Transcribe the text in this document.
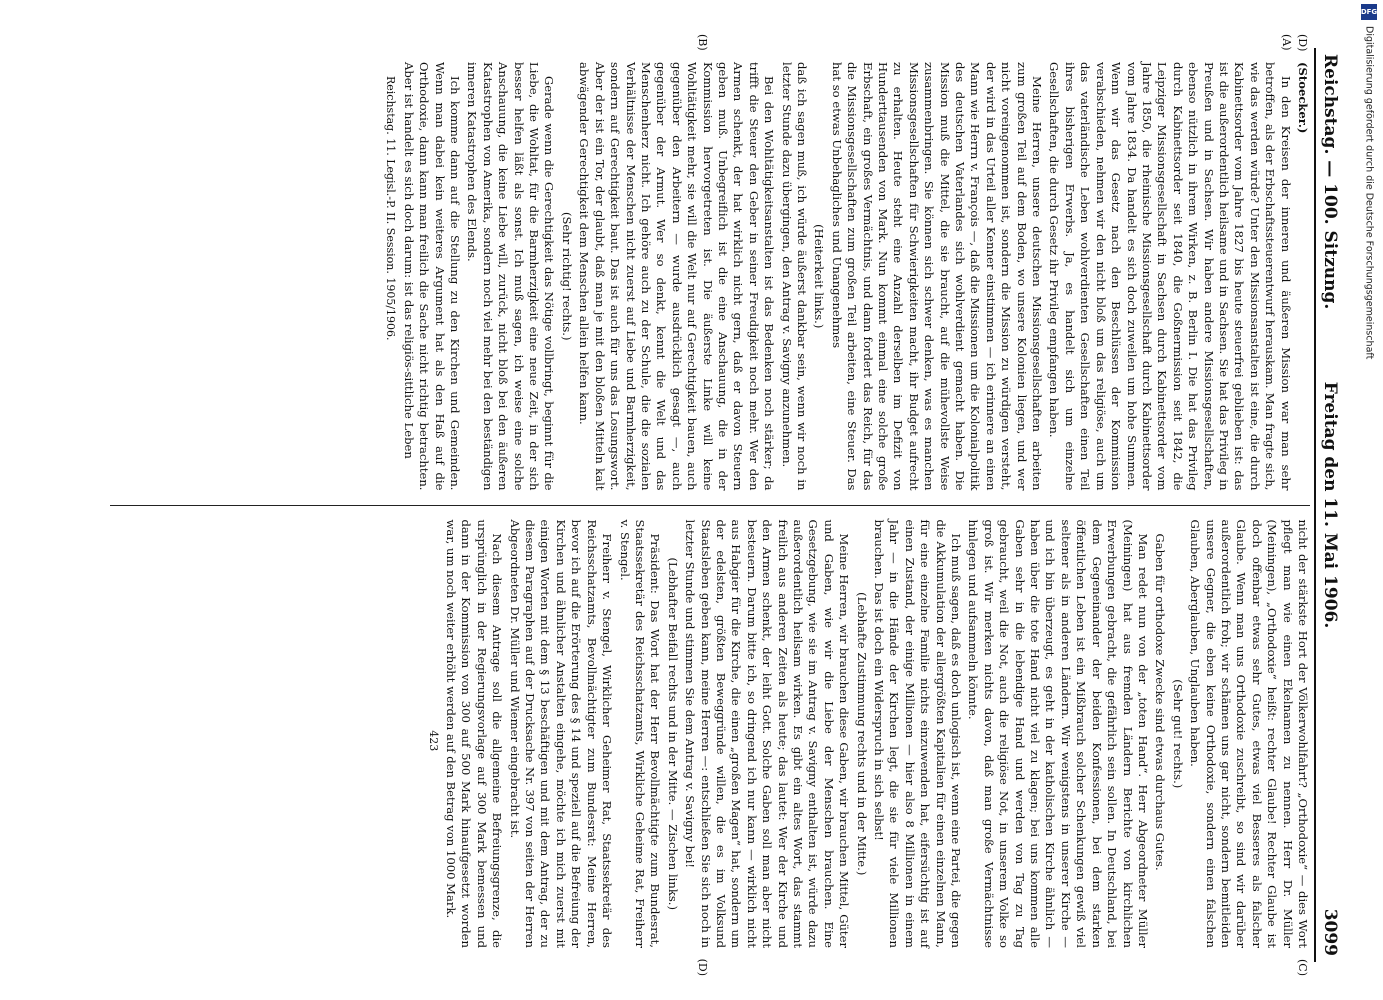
Reichstag. — 100. Sitzung.
Freitag den 11. Mai 1906.
3099
(D)
(A)
(B)

(Stoecker.)

In den Kreisen der inneren und äußeren Mission war man sehr betroffen, als der Erbschaftssteuerentwurf herauskam. Man fragte sich, wie das werden würde? Unter den Missionsanstalten ist eine, die durch Kabinettsorder vom Jahre 1827 bis heute steuerfrei geblieben ist: das ist die außerordentlich heilsame und in Sachsen. Sie hat das Privileg in Preußen und in Sachsen. Wir haben andere Missionsgesellschaften, ebenso nützlich in ihrem Wirken, z. B. Berlin I. Die hat das Privileg durch Kabinettsorder seit 1840, die Goßnermission seit 1842, die Leipziger Missionsgesellschaft in Sachsen durch Kabinettsorder vom Jahre 1850, die rheinische Missionsgesellschaft durch Kabinettsorder vom Jahre 1834. Da handelt es sich doch zuweilen um hohe Summen. Wenn wir das Gesetz nach den Beschlüssen der Kommission verabschieden, nehmen wir den nicht bloß um das religiöse, auch um das vaterländische Leben wohlverdienten Gesellschaften einen Teil ihres bisherigen Erwerbs. Ja, es handelt sich um einzelne Gesellschaften, die durch Gesetz ihr Privileg empfangen haben.

Meine Herren, unsere deutschen Missionsgesellschaften arbeiten zum großen Teil auf dem Boden, wo unsere Kolonien liegen, und wer nicht voreingenommen ist, sondern die Mission zu würdigen versteht, der wird in das Urteil aller Kenner einstimmen — ich erinnere an einen Mann wie Herrn v. François —, daß die Missionen um die Kolonialpolitik des deutschen Vaterlandes sich wohlverdient gemacht haben. Die Mission muß die Mittel, die sie braucht, auf die mühevollste Weise zusammenbringen. Sie können sich schwer denken, was es manchen Missionsgesellschaften für Schwierigkeiten macht, ihr Budget aufrecht zu erhalten. Heute steht eine Anzahl derselben im Defizit von Hunderttausenden von Mark. Nun kommt einmal eine solche große Erbschaft, ein großes Vermächtnis, und dann fordert das Reich, für das die Missionsgesellschaften zum großen Teil arbeiten, eine Steuer. Das hat so etwas Unbehagliches und Unangenehmes

(Heiterkeit links.)

daß ich sagen muß, ich würde äußerst dankbar sein, wenn wir noch in letzter Stunde dazu übergingen, den Antrag v. Savigny anzunehmen.

Bei den Wohltätigkeitsanstalten ist das Bedenken noch stärker; da trifft die Steuer den Geber in seiner Freudigkeit noch mehr. Wer den Armen schenkt, der hat wirklich nicht gern, daß er davon Steuern geben muß. Unbegreiflich ist die eine Anschauung, die in der Kommission hervorgetreten ist. Die äußerste Linke will keine Wohltätigkeit mehr, sie will die Welt nur auf Gerechtigkeit bauen, auch gegenüber den Arbeitern — wurde ausdrücklich gesagt —, auch gegenüber der Armut. Wer so denkt, kennt die Welt und das Menschenherz nicht. Ich gehöre auch zu der Schule, die die sozialen Verhältnisse der Menschen nicht zuerst auf Liebe und Barmherzigkeit, sondern auf Gerechtigkeit baut. Das ist auch für uns das Losungswort. Aber der ist ein Tor, der glaubt, daß man je mit den bloßen Mitteln kalt abwägender Gerechtigkeit dem Menschen allein helfen kann.

(Sehr richtig! rechts.)

Gerade wenn die Gerechtigkeit das Nötige vollbringt, beginnt für die Liebe, die Wohltat, für die Barmherzigkeit eine neue Zeit, in der sich besser helfen läßt als sonst. Ich muß sagen, ich weise eine solche Anschauung, die keine Liebe will, zurück, nicht bloß bei den äußeren Katastrophen von Amerika, sondern noch viel mehr bei den beständigen inneren Katastrophen des Elends.

Ich komme dann auf die Stellung zu den Kirchen und Gemeinden. Wenn man dabei kein weiteres Argument hat als den Haß auf die Orthodoxie, dann kann man freilich die Sache nicht richtig betrachten. Aber ist handelt es sich doch darum: ist das religiös-sittliche Leben

Reichstag. 11. Legisl.-P. II. Session. 1905/1906.

(C)
(D)

nicht der stärkste Hort der Völkerwohlfahrt? „Orthodoxie“ — dies Wort pflegt man wie einen Ekelnamen zu nennen. Herr Dr. Müller (Meiningen), „Orthodoxie“ heißt: rechter Glaube! Rechter Glaube ist doch offenbar etwas sehr Gutes, etwas viel Besseres als falscher Glaube. Wenn man uns Orthodoxie zuschreibt, so sind wir darüber außerordentlich froh; wir schämen uns gar nicht, sondern bemitleiden unsere Gegner, die eben keine Orthodoxie, sondern einen falschen Glauben, Aberglauben, Unglauben haben.

(Sehr gut! rechts.)

Gaben für orthodoxe Zwecke sind etwas durchaus Gutes.

Man redet nun von der „toten Hand“. Herr Abgeordneter Müller (Meiningen) hat aus fremden Ländern Berichte von kirchlichen Erwerbungen gebracht, die gefährlich sein sollen. In Deutschland, bei dem Gegeneinander der beiden Konfessionen, bei dem starken öffentlichen Leben ist ein Mißbrauch solcher Schenkungen gewiß viel seltener als in anderen Ländern. Wir wenigstens in unserer Kirche — und ich bin überzeugt, es geht in der katholischen Kirche ähnlich — haben über die tote Hand nicht viel zu klagen; bei uns kommen alle Gaben sehr in die lebendige Hand und werden von Tag zu Tag gebraucht, weil die Not, auch die religiöse Not, in unserem Volke so groß ist. Wir merken nichts davon, daß man große Vermächtnisse hinlegen und aufsammeln könnte.

Ich muß sagen, daß es doch unlogisch ist, wenn eine Partei, die gegen die Akkumulation der allergrößten Kapitalien für einen einzelnen Mann, für eine einzelne Familie nichts einzuwenden hat, eifersüchtig ist auf einen Zustand, der einige Millionen — hier also 8 Millionen in einem Jahr — in die Hände der Kirchen legt, die sie für viele Millionen brauchen. Das ist doch ein Widerspruch in sich selbst!

(Lebhafte Zustimmung rechts und in der Mitte.)

Meine Herren, wir brauchen diese Gaben, wir brauchen Mittel, Güter und Gaben, wie wir die Liebe der Menschen brauchen. Eine Gesetzgebung, wie sie im Antrag v. Savigny enthalten ist, würde dazu außerordentlich heilsam wirken. Es gibt ein altes Wort, das stammt freilich aus anderen Zeiten als heute; das lautet: Wer der Kirche und den Armen schenkt, der leiht Gott. Solche Gaben soll man aber nicht besteuern. Darum bitte ich, so dringend ich nur kann — wirklich nicht aus Habgier für die Kirche, die einen „großen Magen“ hat, sondern um der edelsten, größten Beweggründe willen, die es im Volksund Staatsleben geben kann, meine Herren —: entschließen Sie sich noch in letzter Stunde und stimmen Sie dem Antrag v. Savigny bei!

(Lebhafter Beifall rechts und in der Mitte. — Zischen links.)

Präsident: Das Wort hat der Herr Bevollmächtigte zum Bundesrat, Staatssekretär des Reichsschatzamts, Wirkliche Geheime Rat, Freiherr v. Stengel.

Freiherr v. Stengel, Wirklicher Geheimer Rat, Staatssekretär des Reichsschatzamts, Bevollmächtigter zum Bundesrat: Meine Herren, bevor ich auf die Erörterung des § 14 und speziell auf die Befreiung der Kirchen und ähnlicher Anstalten eingehe, möchte ich mich zuerst mit einigen Worten mit dem § 13 beschäftigen und mit dem Antrag, der zu diesem Paragraphen auf der Drucksache Nr. 397 von seiten der Herren Abgeordneten Dr. Müller und Wiemer eingebracht ist.

Nach diesem Antrage soll die allgemeine Befreiungsgrenze, die ursprünglich in der Regierungsvorlage auf 300 Mark bemessen und dann in der Kommission von 300 auf 500 Mark hinaufgesetzt worden war, um noch weiter erhöht werden auf den Betrag von 1000 Mark.

423

DFG
Digitalisierung gefördert durch die Deutsche Forschungsgemeinschaft
